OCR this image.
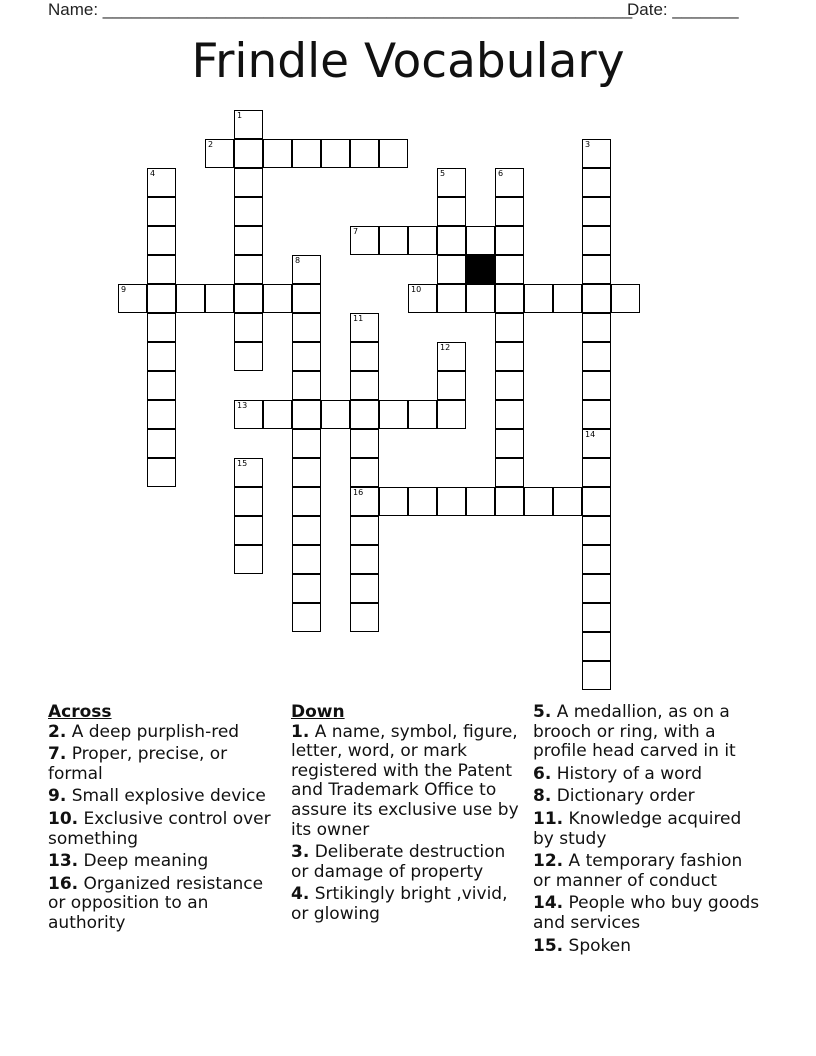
Name: ________________________________________________________
Date: _______
Frindle Vocabulary
1
2	3
4	5	6
7
8
9	10
11
16
12
13
14
15
Across
2. A deep purplish-red
7. Proper, precise, or formal
9. Small explosive device
10. Exclusive control over something
13. Deep meaning
16. Organized resistance or opposition to an authority
Down
1. A name, symbol, figure, letter, word, or mark registered with the Patent and Trademark Office to assure its exclusive use by its owner
3. Deliberate destruction or damage of property
4. Srtikingly bright ,vivid, or glowing
5. A medallion, as on a brooch or ring, with a profile head carved in it
6. History of a word
8. Dictionary order
11. Knowledge acquired by study
12. A temporary fashion or manner of conduct
14. People who buy goods and services
15. Spoken
